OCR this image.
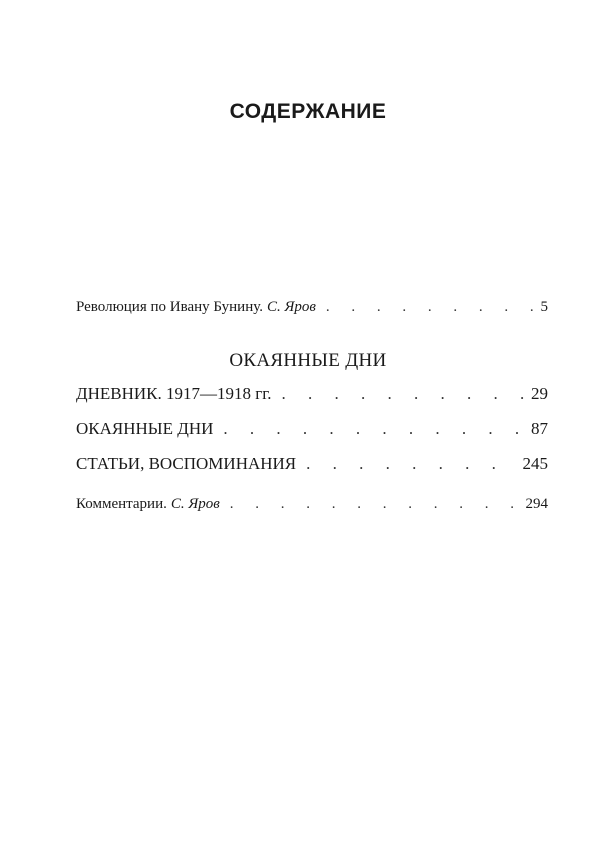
СОДЕРЖАНИЕ
Революция по Ивану Бунину. С. Яров . . .	5
ОКАЯННЫЕ ДНИ
ДНЕВНИК. 1917—1918 гг. . . .	29
ОКАЯННЫЕ ДНИ . . .	87
СТАТЬИ, ВОСПОМИНАНИЯ . . .	245
Комментарии. С. Яров . . .	294
